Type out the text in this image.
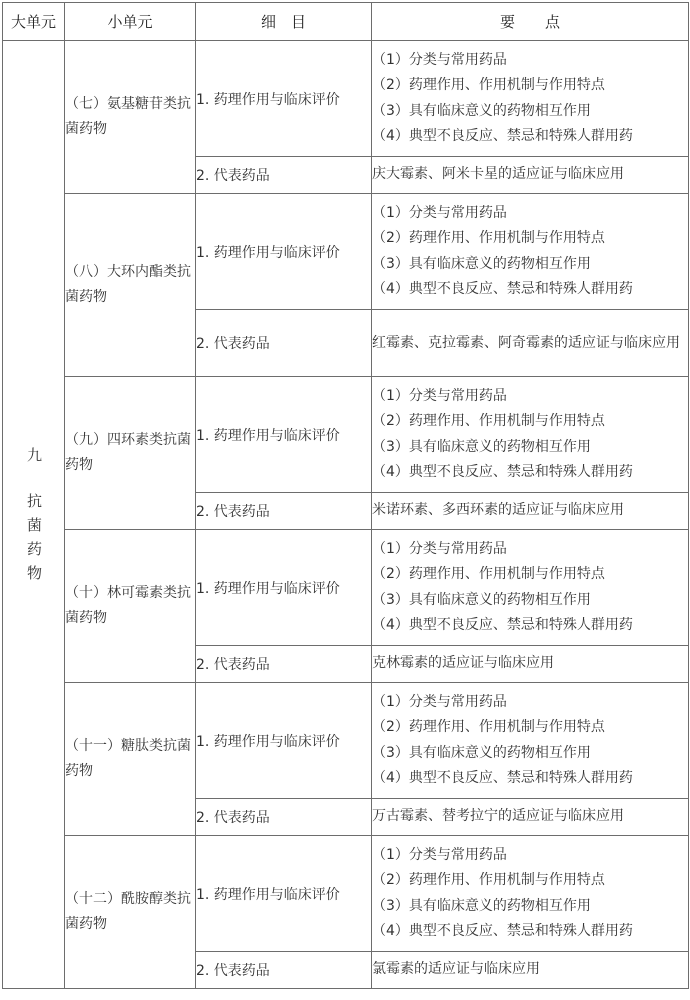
大单元	小单元	细　目	要　　点

九
抗
菌
药
物	（七）氨基糖苷类抗菌药物	1. 药理作用与临床评价	（1）分类与常用药品
（2）药理作用、作用机制与作用特点
（3）具有临床意义的药物相互作用
（4）典型不良反应、禁忌和特殊人群用药

		2. 代表药品	庆大霉素、阿米卡星的适应证与临床应用
	（八）大环内酯类抗菌药物	1. 药理作用与临床评价	（1）分类与常用药品
（2）药理作用、作用机制与作用特点
（3）具有临床意义的药物相互作用
（4）典型不良反应、禁忌和特殊人群用药

		2. 代表药品	红霉素、克拉霉素、阿奇霉素的适应证与临床应用
	（九）四环素类抗菌药物	1. 药理作用与临床评价	（1）分类与常用药品
（2）药理作用、作用机制与作用特点
（3）具有临床意义的药物相互作用
（4）典型不良反应、禁忌和特殊人群用药

		2. 代表药品	米诺环素、多西环素的适应证与临床应用
	（十）林可霉素类抗菌药物	1. 药理作用与临床评价	（1）分类与常用药品
（2）药理作用、作用机制与作用特点
（3）具有临床意义的药物相互作用
（4）典型不良反应、禁忌和特殊人群用药

		2. 代表药品	克林霉素的适应证与临床应用
	（十一）糖肽类抗菌药物	1. 药理作用与临床评价	（1）分类与常用药品
（2）药理作用、作用机制与作用特点
（3）具有临床意义的药物相互作用
（4）典型不良反应、禁忌和特殊人群用药

		2. 代表药品	万古霉素、替考拉宁的适应证与临床应用
	（十二）酰胺醇类抗菌药物	1. 药理作用与临床评价	（1）分类与常用药品
（2）药理作用、作用机制与作用特点
（3）具有临床意义的药物相互作用
（4）典型不良反应、禁忌和特殊人群用药

		2. 代表药品	氯霉素的适应证与临床应用
